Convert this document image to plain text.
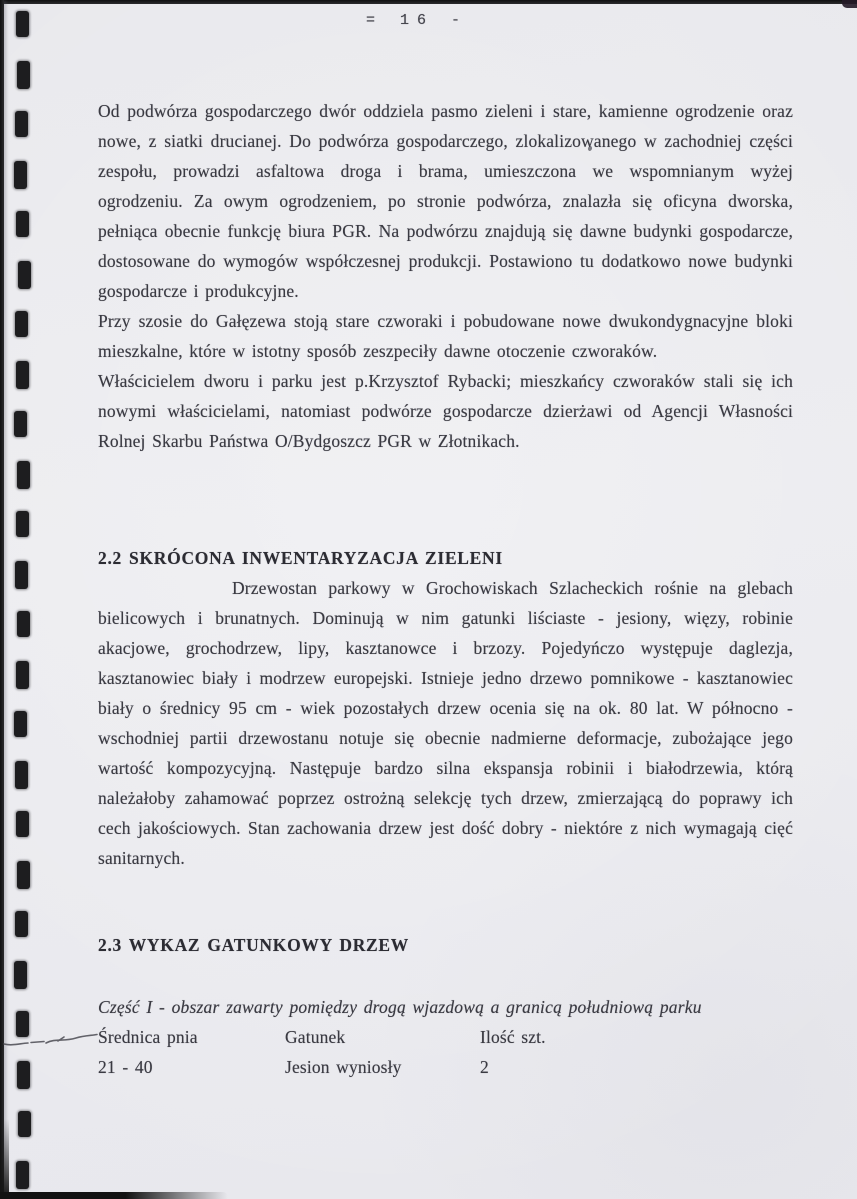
= 16 -

Od podwórza gospodarczego dwór oddziela pasmo zieleni i stare, kamienne ogrodzenie oraz nowe, z siatki drucianej. Do podwórza gospodarczego, zlokalizowanego w zachodniej części zespołu, prowadzi asfaltowa droga i brama, umieszczona we wspomnianym wyżej ogrodzeniu. Za owym ogrodzeniem, po stronie podwórza, znalazła się oficyna dworska, pełniąca obecnie funkcję biura PGR. Na podwórzu znajdują się dawne budynki gospodarcze, dostosowane do wymogów współczesnej produkcji. Postawiono tu dodatkowo nowe budynki gospodarcze i produkcyjne.

Przy szosie do Gałęzewa stoją stare czworaki i pobudowane nowe dwukondygnacyjne bloki mieszkalne, które w istotny sposób zeszpeciły dawne otoczenie czworaków.

Właścicielem dworu i parku jest p.Krzysztof Rybacki; mieszkańcy czworaków stali się ich nowymi właścicielami, natomiast podwórze gospodarcze dzierżawi od Agencji Własności Rolnej Skarbu Państwa O/Bydgoszcz PGR w Złotnikach.

2.2 SKRÓCONA INWENTARYZACJA ZIELENI

Drzewostan parkowy w Grochowiskach Szlacheckich rośnie na glebach bielicowych i brunatnych. Dominują w nim gatunki liściaste - jesiony, więzy, robinie akacjowe, grochodrzew, lipy, kasztanowce i brzozy. Pojedyńczo występuje daglezja, kasztanowiec biały i modrzew europejski. Istnieje jedno drzewo pomnikowe - kasztanowiec biały o średnicy 95 cm - wiek pozostałych drzew ocenia się na ok. 80 lat. W północno - wschodniej partii drzewostanu notuje się obecnie nadmierne deformacje, zubożające jego wartość kompozycyjną. Następuje bardzo silna ekspansja robinii i białodrzewia, którą należałoby zahamować poprzez ostrożną selekcję tych drzew, zmierzającą do poprawy ich cech jakościowych. Stan zachowania drzew jest dość dobry - niektóre z nich wymagają cięć sanitarnych.

2.3 WYKAZ GATUNKOWY DRZEW

Część I - obszar zawarty pomiędzy drogą wjazdową a granicą południową parku

Średnica pnia	Gatunek	Ilość szt.
21 - 40	Jesion wyniosły	2
